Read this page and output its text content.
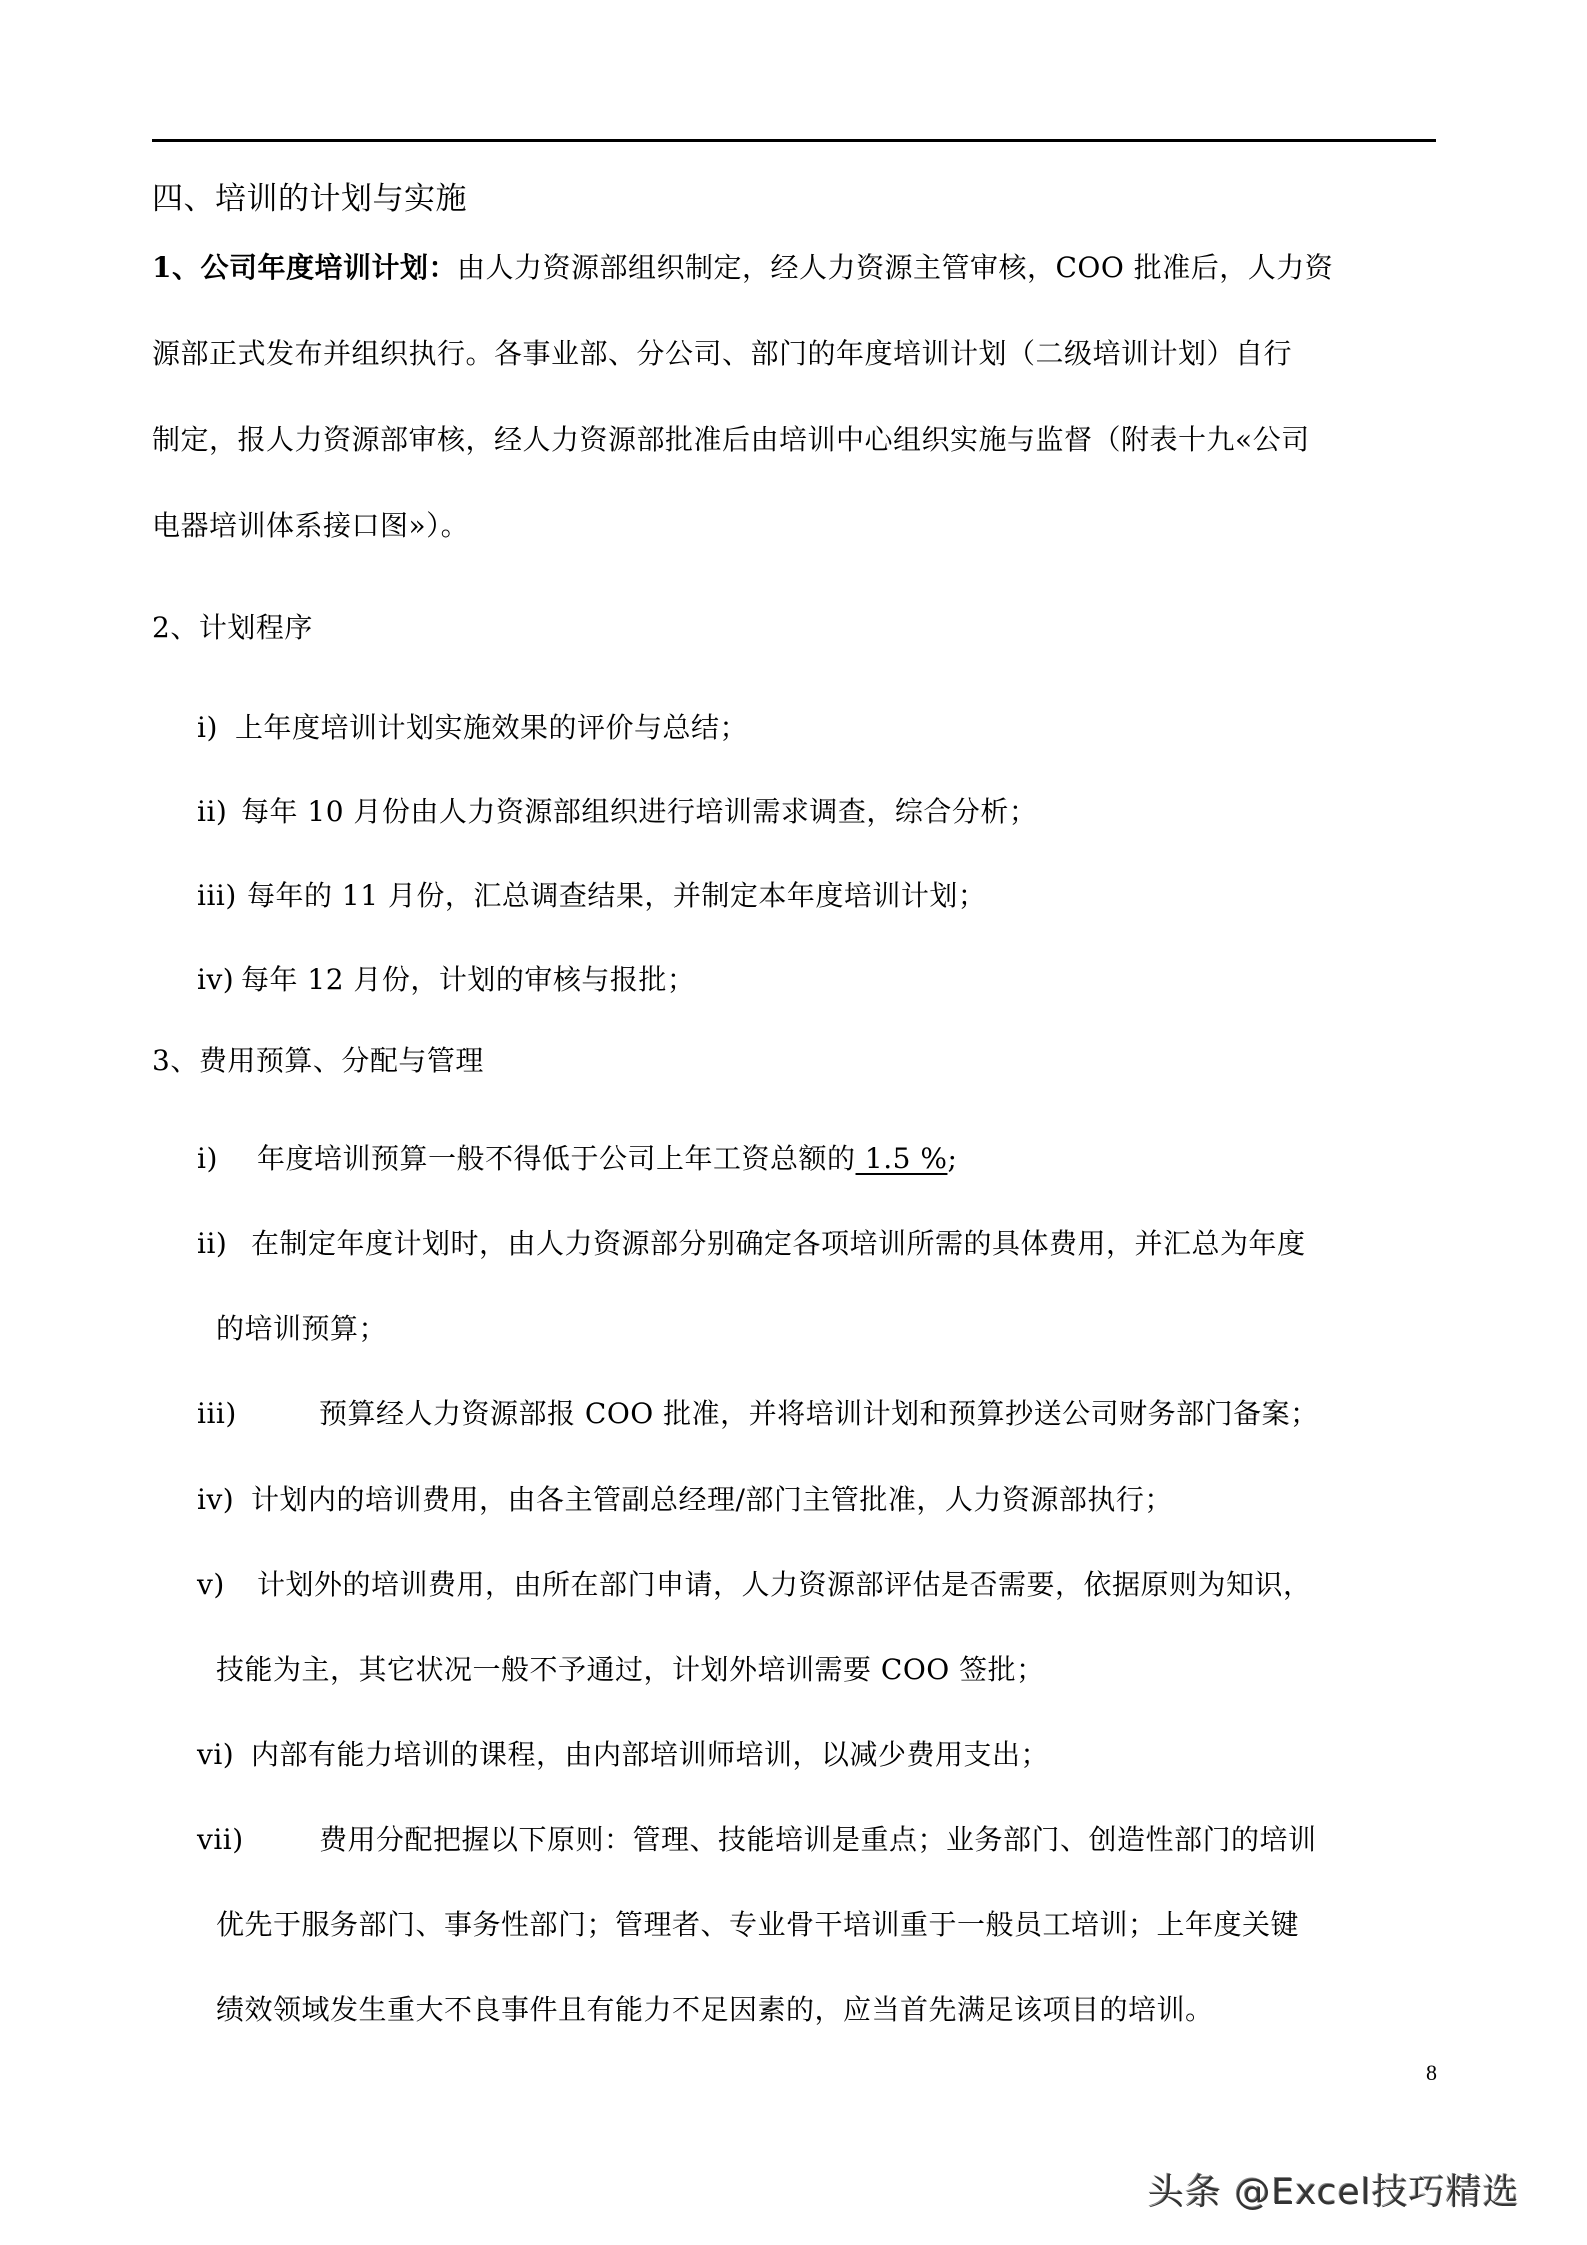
四、培训的计划与实施
1、公司年度培训计划：由人力资源部组织制定，经人力资源主管审核，COO 批准后，人力资
源部正式发布并组织执行。各事业部、分公司、部门的年度培训计划（二级培训计划）自行
制定，报人力资源部审核，经人力资源部批准后由培训中心组织实施与监督（附表十九«公司
电器培训体系接口图»）。
2、计划程序
i) 上年度培训计划实施效果的评价与总结；
ii) 每年 10 月份由人力资源部组织进行培训需求调查，综合分析；
iii) 每年的 11 月份，汇总调查结果，并制定本年度培训计划；
iv) 每年 12 月份，计划的审核与报批；
3、费用预算、分配与管理
i) 年度培训预算一般不得低于公司上年工资总额的 1.5 %;
ii) 在制定年度计划时，由人力资源部分别确定各项培训所需的具体费用，并汇总为年度
的培训预算；
iii)	预算经人力资源部报 COO 批准，并将培训计划和预算抄送公司财务部门备案；
iv) 计划内的培训费用，由各主管副总经理/部门主管批准，人力资源部执行；
v) 计划外的培训费用，由所在部门申请，人力资源部评估是否需要，依据原则为知识，
技能为主，其它状况一般不予通过，计划外培训需要 COO 签批；
vi) 内部有能力培训的课程，由内部培训师培训，以减少费用支出；
vii)	费用分配把握以下原则：管理、技能培训是重点；业务部门、创造性部门的培训
优先于服务部门、事务性部门；管理者、专业骨干培训重于一般员工培训；上年度关键
绩效领域发生重大不良事件且有能力不足因素的，应当首先满足该项目的培训。
8
头条 @Excel技巧精选
